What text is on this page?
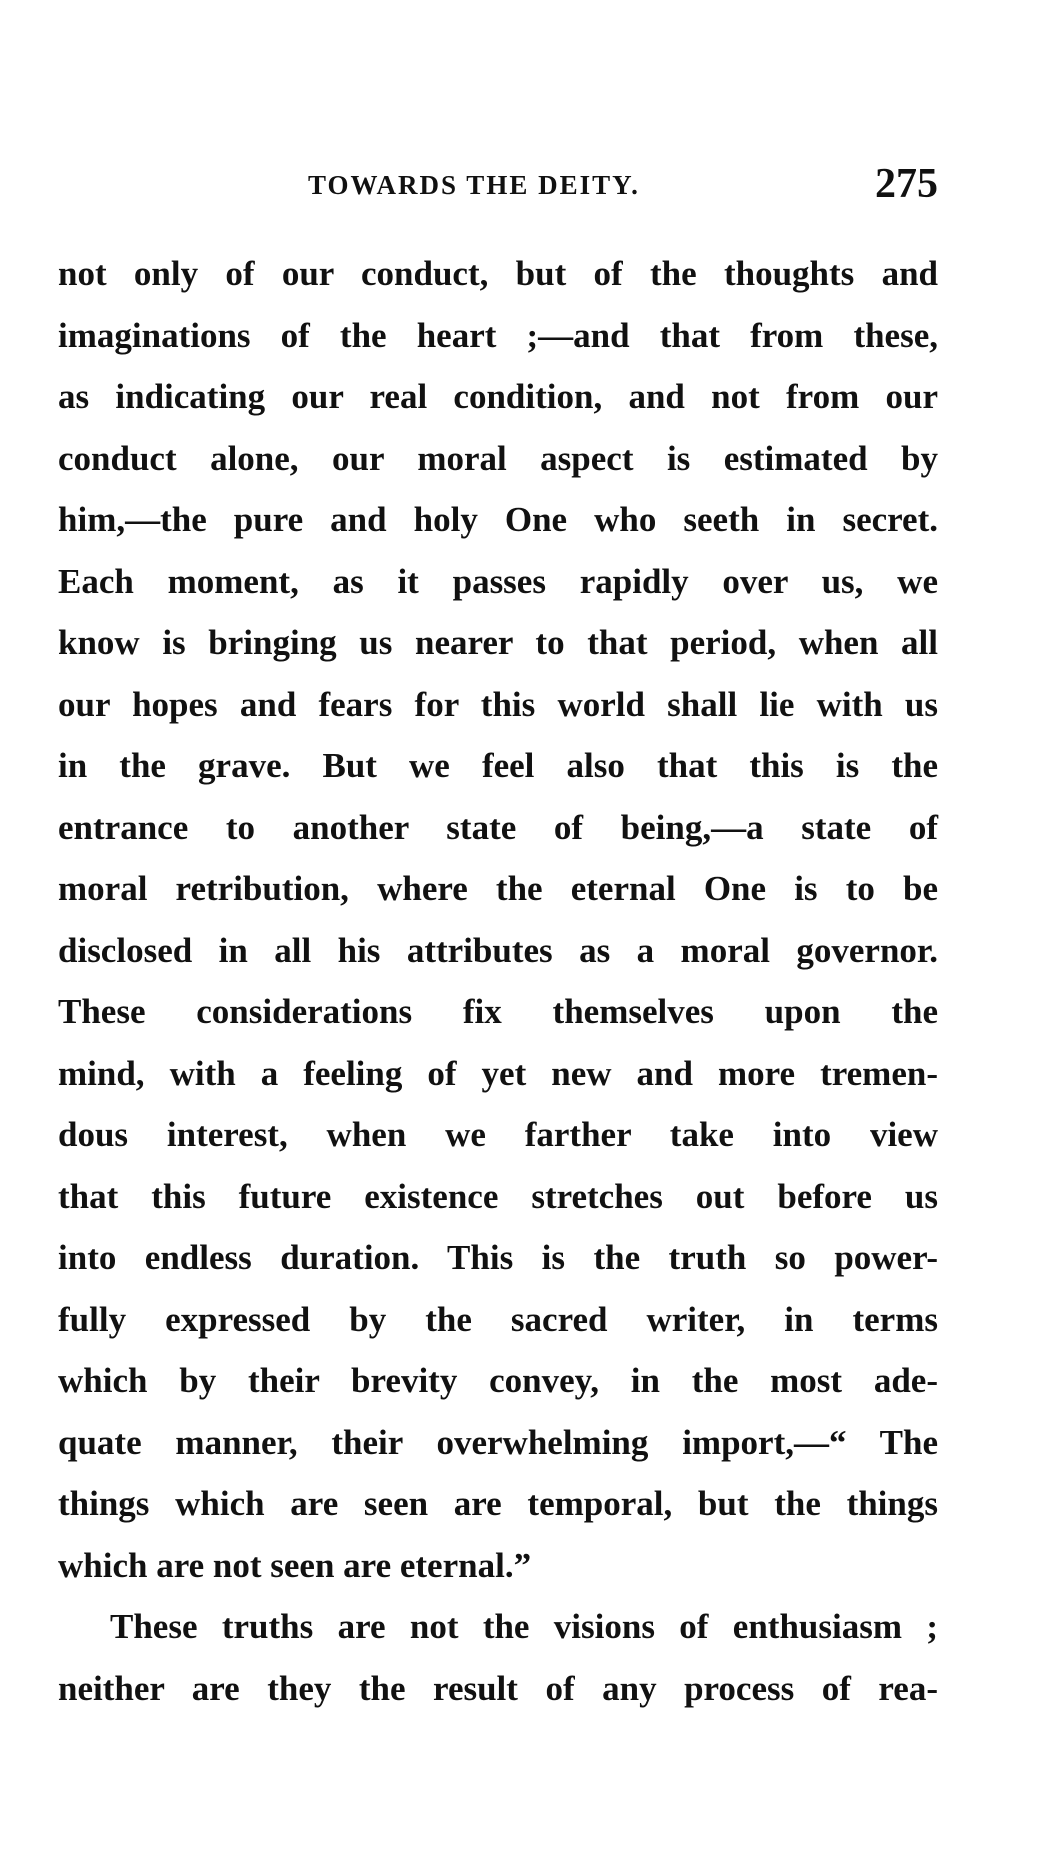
TOWARDS THE DEITY.	275
not only of our conduct, but of the thoughts and
imaginations of the heart ;—and that from these,
as indicating our real condition, and not from our
conduct alone, our moral aspect is estimated by
him,—the pure and holy One who seeth in secret.
Each moment, as it passes rapidly over us, we
know is bringing us nearer to that period, when all
our hopes and fears for this world shall lie with us
in the grave. But we feel also that this is the
entrance to another state of being,—a state of
moral retribution, where the eternal One is to be
disclosed in all his attributes as a moral governor.
These considerations fix themselves upon the
mind, with a feeling of yet new and more tremen-
dous interest, when we farther take into view
that this future existence stretches out before us
into endless duration. This is the truth so power-
fully expressed by the sacred writer, in terms
which by their brevity convey, in the most ade-
quate manner, their overwhelming import,—“ The
things which are seen are temporal, but the things
which are not seen are eternal.”
These truths are not the visions of enthusiasm ;
neither are they the result of any process of rea-
